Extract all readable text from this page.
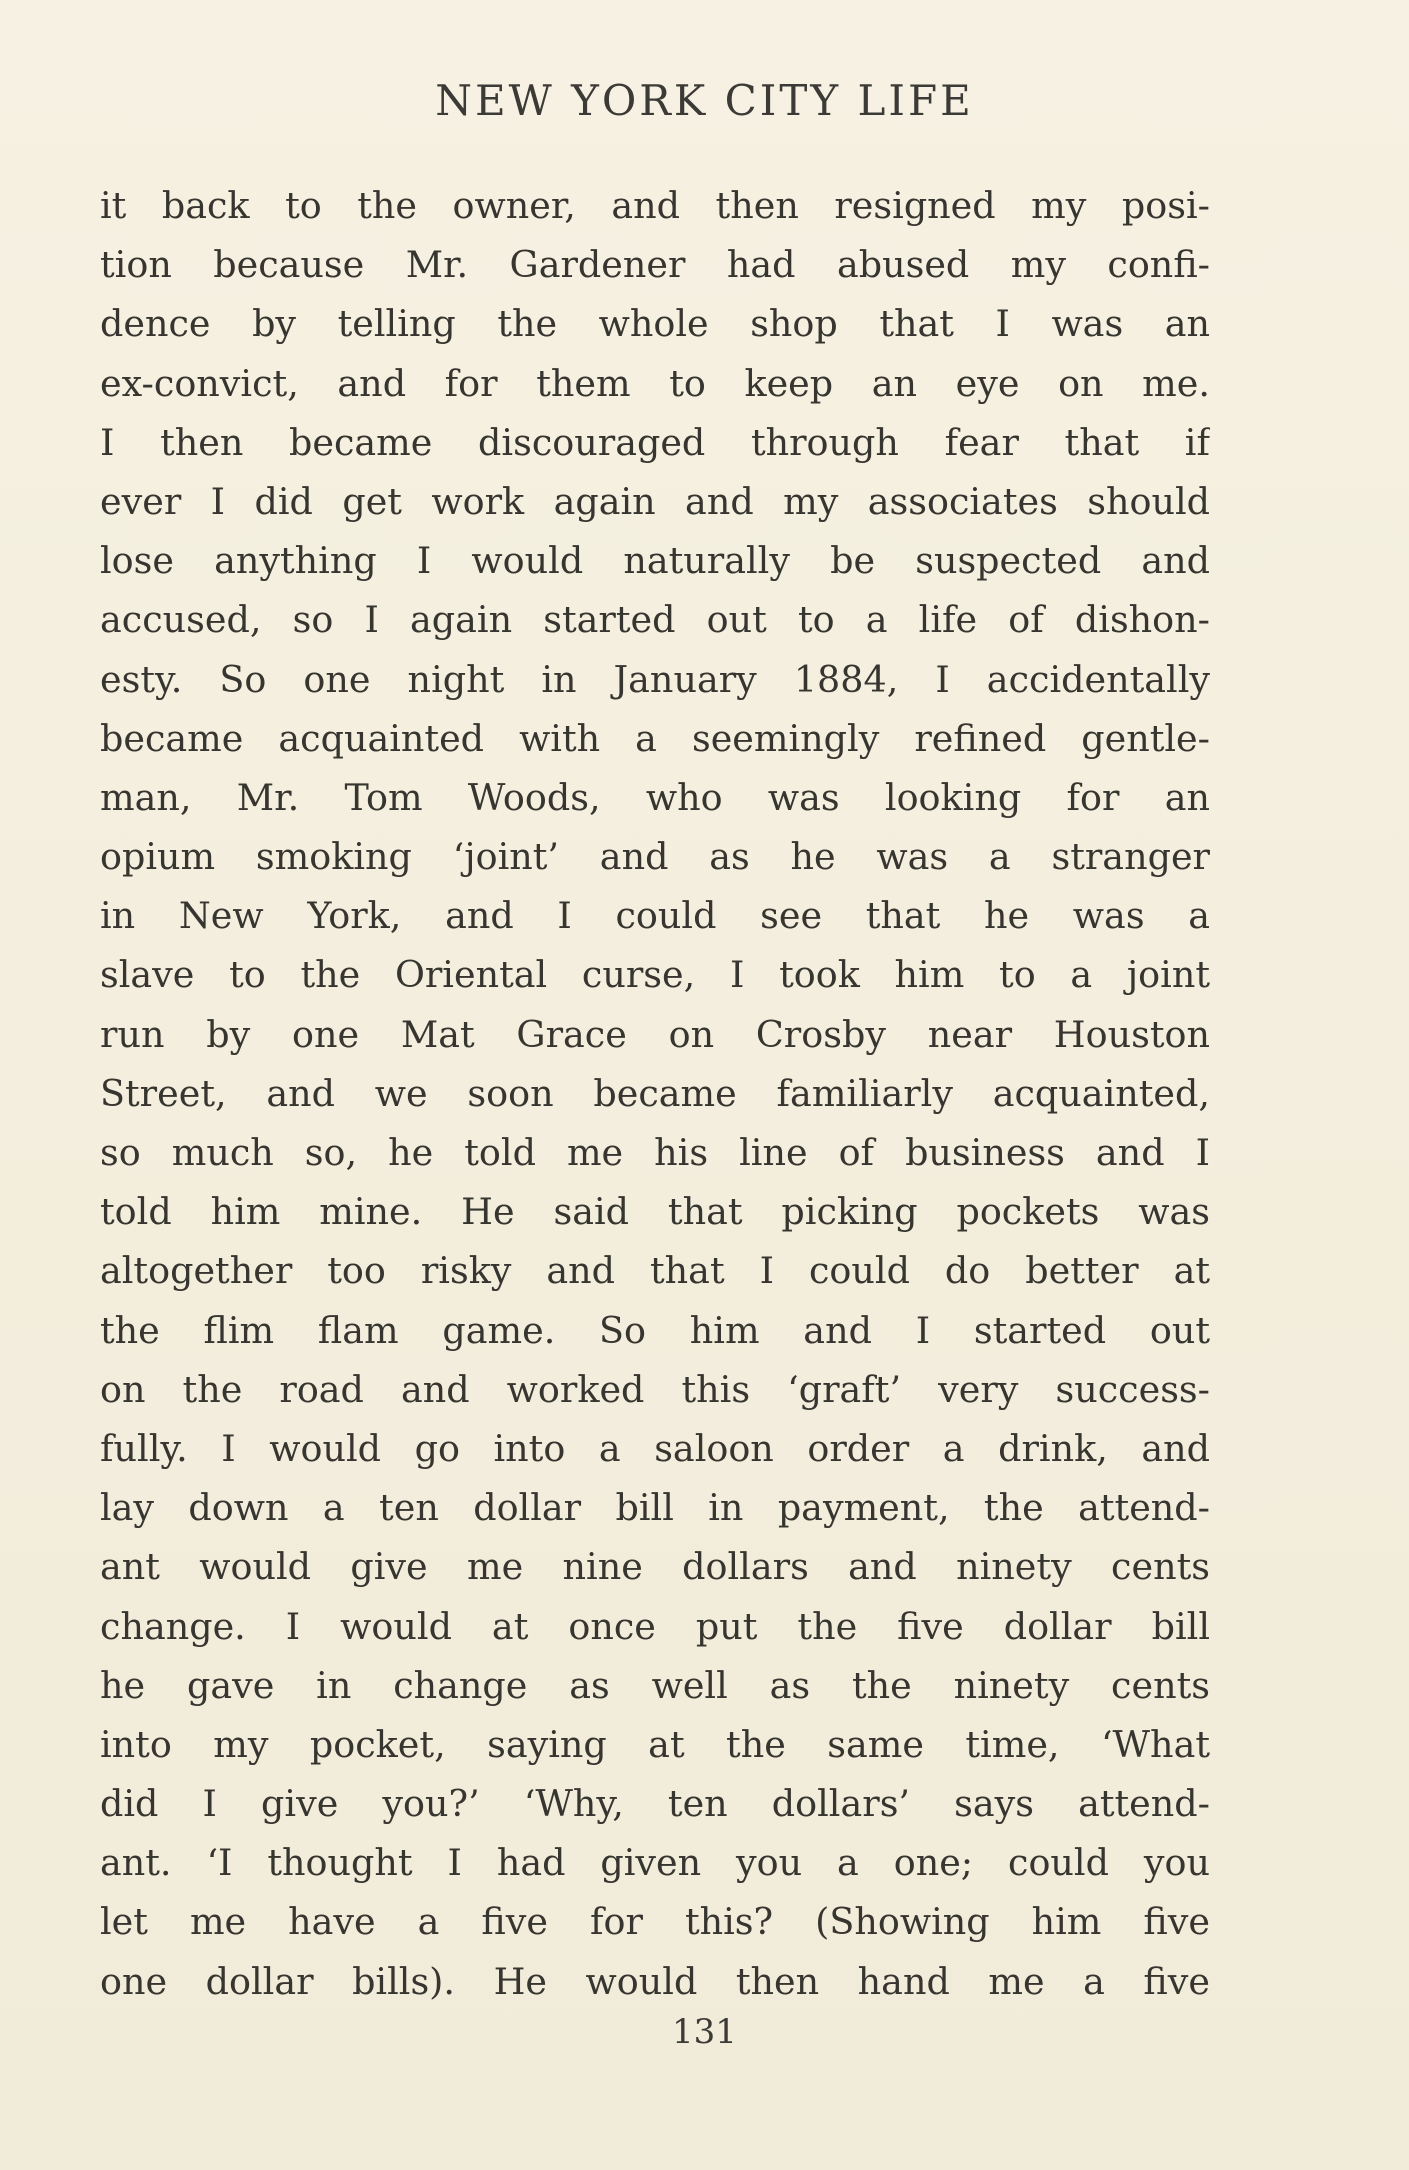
NEW YORK CITY LIFE
it back to the owner, and then resigned my posi-
tion because Mr. Gardener had abused my confi-
dence by telling the whole shop that I was an
ex-convict, and for them to keep an eye on me.
I then became discouraged through fear that if
ever I did get work again and my associates should
lose anything I would naturally be suspected and
accused, so I again started out to a life of dishon-
esty. So one night in January 1884, I accidentally
became acquainted with a seemingly refined gentle-
man, Mr. Tom Woods, who was looking for an
opium smoking ‘joint’ and as he was a stranger
in New York, and I could see that he was a
slave to the Oriental curse, I took him to a joint
run by one Mat Grace on Crosby near Houston
Street, and we soon became familiarly acquainted,
so much so, he told me his line of business and I
told him mine. He said that picking pockets was
altogether too risky and that I could do better at
the flim flam game. So him and I started out
on the road and worked this ‘graft’ very success-
fully. I would go into a saloon order a drink, and
lay down a ten dollar bill in payment, the attend-
ant would give me nine dollars and ninety cents
change. I would at once put the five dollar bill
he gave in change as well as the ninety cents
into my pocket, saying at the same time, ‘What
did I give you?’ ‘Why, ten dollars’ says attend-
ant. ‘I thought I had given you a one; could you
let me have a five for this? (Showing him five
one dollar bills). He would then hand me a five
131
